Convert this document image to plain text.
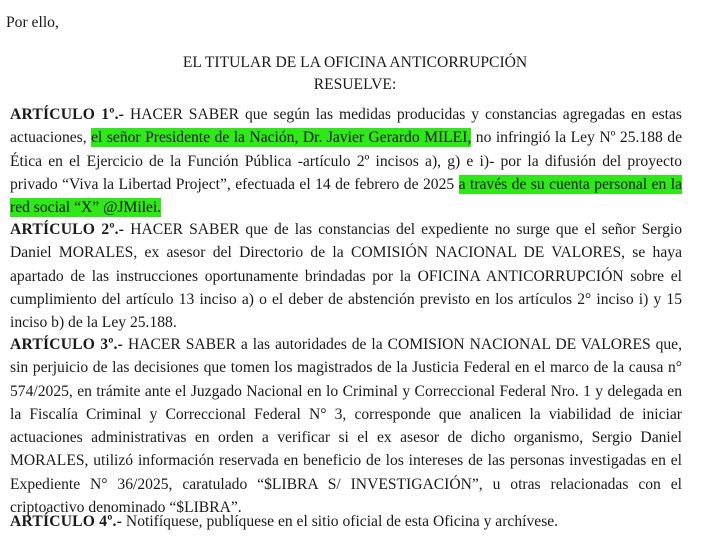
Por ello,

EL TITULAR DE LA OFICINA ANTICORRUPCIÓN

RESUELVE:

ARTÍCULO 1º.- HACER SABER que según las medidas producidas y constancias agregadas en estas actuaciones, el señor Presidente de la Nación, Dr. Javier Gerardo MILEI, no infringió la Ley Nº 25.188 de Ética en el Ejercicio de la Función Pública -artículo 2º incisos a), g) e i)- por la difusión del proyecto privado “Viva la Libertad Project”, efectuada el 14 de febrero de 2025 a través de su cuenta personal en la red social “X” @JMilei.

ARTÍCULO 2º.- HACER SABER que de las constancias del expediente no surge que el señor Sergio Daniel MORALES, ex asesor del Directorio de la COMISIÓN NACIONAL DE VALORES, se haya apartado de las instrucciones oportunamente brindadas por la OFICINA ANTICORRUPCIÓN sobre el cumplimiento del artículo 13 inciso a) o el deber de abstención previsto en los artículos 2° inciso i) y 15 inciso b) de la Ley 25.188.

ARTÍCULO 3º.- HACER SABER a las autoridades de la COMISION NACIONAL DE VALORES que, sin perjuicio de las decisiones que tomen los magistrados de la Justicia Federal en el marco de la causa n° 574/2025, en trámite ante el Juzgado Nacional en lo Criminal y Correccional Federal Nro. 1 y delegada en la Fiscalía Criminal y Correccional Federal N° 3, corresponde que analicen la viabilidad de iniciar actuaciones administrativas en orden a verificar si el ex asesor de dicho organismo, Sergio Daniel MORALES, utilizó información reservada en beneficio de los intereses de las personas investigadas en el Expediente N° 36/2025, caratulado “$LIBRA S/ INVESTIGACIÓN”, u otras relacionadas con el criptoactivo denominado “$LIBRA”.

ARTÍCULO 4º.- Notifíquese, publíquese en el sitio oficial de esta Oficina y archívese.
